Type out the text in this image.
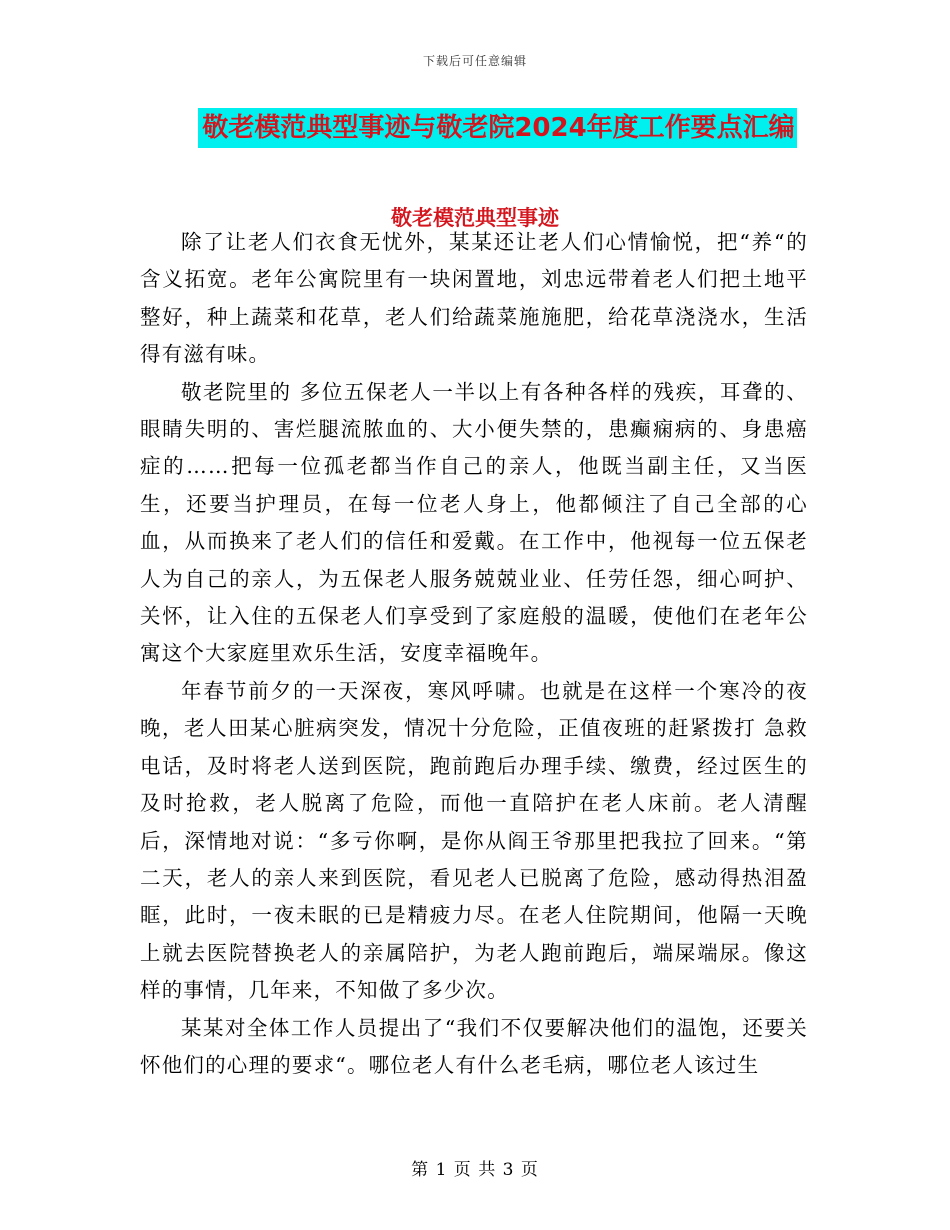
下载后可任意编辑
敬老模范典型事迹与敬老院2024年度工作要点汇编
敬老模范典型事迹

除了让老人们衣食无忧外，某某还让老人们心情愉悦，把“养“的含义拓宽。老年公寓院里有一块闲置地，刘忠远带着老人们把土地平整好，种上蔬菜和花草，老人们给蔬菜施施肥，给花草浇浇水，生活得有滋有味。

敬老院里的 多位五保老人一半以上有各种各样的残疾，耳聋的、眼睛失明的、害烂腿流脓血的、大小便失禁的，患癫痫病的、身患癌症的……把每一位孤老都当作自己的亲人，他既当副主任，又当医生，还要当护理员，在每一位老人身上，他都倾注了自己全部的心血，从而换来了老人们的信任和爱戴。在工作中，他视每一位五保老人为自己的亲人，为五保老人服务兢兢业业、任劳任怨，细心呵护、关怀，让入住的五保老人们享受到了家庭般的温暖，使他们在老年公寓这个大家庭里欢乐生活，安度幸福晚年。

年春节前夕的一天深夜，寒风呼啸。也就是在这样一个寒冷的夜晚，老人田某心脏病突发，情况十分危险，正值夜班的赶紧拨打 急救电话，及时将老人送到医院，跑前跑后办理手续、缴费，经过医生的及时抢救，老人脱离了危险，而他一直陪护在老人床前。老人清醒后，深情地对说：“多亏你啊，是你从阎王爷那里把我拉了回来。“第二天，老人的亲人来到医院，看见老人已脱离了危险，感动得热泪盈眶，此时，一夜未眠的已是精疲力尽。在老人住院期间，他隔一天晚上就去医院替换老人的亲属陪护，为老人跑前跑后，端屎端尿。像这样的事情，几年来，不知做了多少次。

某某对全体工作人员提出了“我们不仅要解决他们的温饱，还要关怀他们的心理的要求“。哪位老人有什么老毛病，哪位老人该过生

第 1 页 共 3 页
